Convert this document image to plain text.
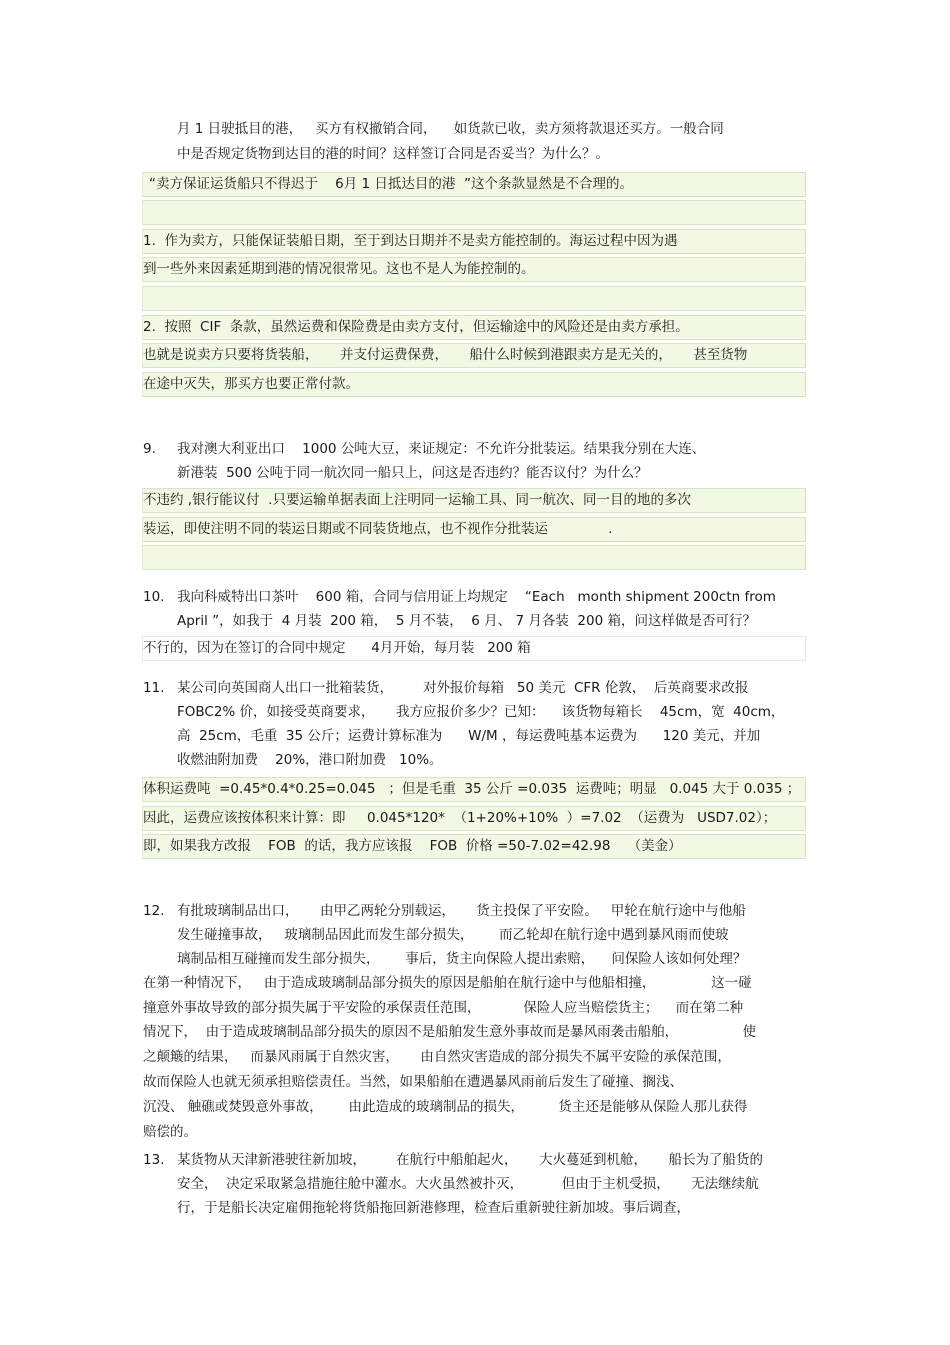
月 1 日驶抵目的港，   买方有权撤销合同，    如货款已收，卖方须将款退还买方。一般合同
中是否规定货物到达目的港的时间？这样签订合同是否妥当？为什么？。
“卖方保证运货船只不得迟于    6月 1 日抵达目的港  ”这个条款显然是不合理的。
1.  作为卖方，只能保证装船日期，至于到达日期并不是卖方能控制的。海运过程中因为遇
到一些外来因素延期到港的情况很常见。这也不是人为能控制的。
2.  按照  CIF  条款，虽然运费和保险费是由卖方支付，但运输途中的风险还是由卖方承担。
也就是说卖方只要将货装船，     并支付运费保费，     船什么时候到港跟卖方是无关的，     甚至货物
在途中灭失，那买方也要正常付款。
9. 我对澳大利亚出口    1000 公吨大豆，来证规定：不允许分批装运。结果我分别在大连、
新港装  500 公吨于同一航次同一船只上，问这是否违约？能否议付？为什么？
不违约 ,银行能议付  .只要运输单据表面上注明同一运输工具、同一航次、同一目的地的多次
装运，即使注明不同的装运日期或不同装货地点，也不视作分批装运              .
10. 我向科威特出口茶叶    600 箱，合同与信用证上均规定    “Each   month shipment 200ctn from
April ”，如我于  4 月装  200 箱，  5 月不装，  6 月、 7 月各装  200 箱，问这样做是否可行？
不行的，因为在签订的合同中规定      4月开始，每月装   200 箱
11. 某公司向英国商人出口一批箱装货，       对外报价每箱   50 美元  CFR 伦敦，  后英商要求改报
FOBC2% 价，如接受英商要求，     我方应报价多少？已知：    该货物每箱长    45cm，宽  40cm，
高  25cm，毛重  35 公斤；运费计算标准为      W/M ，每运费吨基本运费为      120 美元，并加
收燃油附加费    20%，港口附加费   10%。
体积运费吨  =0.45*0.4*0.25=0.045   ；但是毛重  35 公斤 =0.035  运费吨；明显   0.045 大于 0.035 ；
因此，运费应该按体积来计算：即     0.045*120*  （1+20%+10%  ）=7.02  （运费为   USD7.02）；
即，如果我方改报    FOB  的话，我方应该报    FOB  价格 =50-7.02=42.98    （美金）
12. 有批玻璃制品出口，     由甲乙两轮分别载运，     货主投保了平安险。   甲轮在航行途中与他船
发生碰撞事故，   玻璃制品因此而发生部分损失，      而乙轮却在航行途中遇到暴风雨而使玻
璃制品相互碰撞而发生部分损失，      事后，货主向保险人提出索赔，    问保险人该如何处理？
在第一种情况下，   由于造成玻璃制品部分损失的原因是船舶在航行途中与他船相撞，             这一碰
撞意外事故导致的部分损失属于平安险的承保责任范围，          保险人应当赔偿货主；    而在第二种
情况下，  由于造成玻璃制品部分损失的原因不是船舶发生意外事故而是暴风雨袭击船舶，               使
之颠簸的结果，   而暴风雨属于自然灾害，     由自然灾害造成的部分损失不属平安险的承保范围，
故而保险人也就无须承担赔偿责任。当然，如果船舶在遭遇暴风雨前后发生了碰撞、搁浅、
沉没、 触礁或焚毁意外事故，      由此造成的玻璃制品的损失，        货主还是能够从保险人那儿获得
赔偿的。
13. 某货物从天津新港驶往新加坡，       在航行中船舶起火，     大火蔓延到机舱，     船长为了船货的
安全，  决定采取紧急措施往舱中灌水。大火虽然被扑灭，         但由于主机受损，     无法继续航
行，于是船长决定雇佣拖轮将货船拖回新港修理，检查后重新驶往新加坡。事后调查，
